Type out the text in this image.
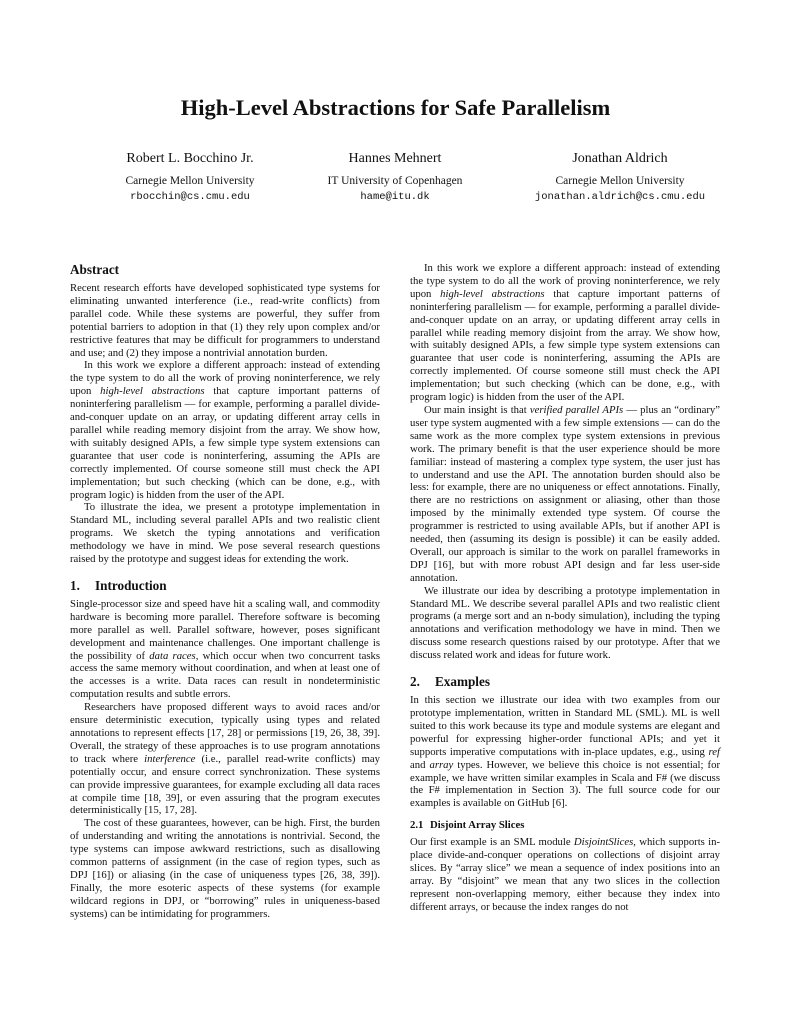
High-Level Abstractions for Safe Parallelism
Robert L. Bocchino Jr.
Carnegie Mellon University
rbocchin@cs.cmu.edu
Hannes Mehnert
IT University of Copenhagen
hame@itu.dk
Jonathan Aldrich
Carnegie Mellon University
jonathan.aldrich@cs.cmu.edu
Abstract

Recent research efforts have developed sophisticated type systems for eliminating unwanted interference (i.e., read-write conflicts) from parallel code. While these systems are powerful, they suffer from potential barriers to adoption in that (1) they rely upon complex and/or restrictive features that may be difficult for programmers to understand and use; and (2) they impose a nontrivial annotation burden.

In this work we explore a different approach: instead of extending the type system to do all the work of proving noninterference, we rely upon high-level abstractions that capture important patterns of noninterfering parallelism — for example, performing a parallel divide-and-conquer update on an array, or updating different array cells in parallel while reading memory disjoint from the array. We show how, with suitably designed APIs, a few simple type system extensions can guarantee that user code is noninterfering, assuming the APIs are correctly implemented. Of course someone still must check the API implementation; but such checking (which can be done, e.g., with program logic) is hidden from the user of the API.

To illustrate the idea, we present a prototype implementation in Standard ML, including several parallel APIs and two realistic client programs. We sketch the typing annotations and verification methodology we have in mind. We pose several research questions raised by the prototype and suggest ideas for extending the work.

1. Introduction

Single-processor size and speed have hit a scaling wall, and commodity hardware is becoming more parallel. Therefore software is becoming more parallel as well. Parallel software, however, poses significant development and maintenance challenges. One important challenge is the possibility of data races, which occur when two concurrent tasks access the same memory without coordination, and when at least one of the accesses is a write. Data races can result in nondeterministic computation results and subtle errors.

Researchers have proposed different ways to avoid races and/or ensure deterministic execution, typically using types and related annotations to represent effects [17, 28] or permissions [19, 26, 38, 39]. Overall, the strategy of these approaches is to use program annotations to track where interference (i.e., parallel read-write conflicts) may potentially occur, and ensure correct synchronization. These systems can provide impressive guarantees, for example excluding all data races at compile time [18, 39], or even assuring that the program executes deterministically [15, 17, 28].

The cost of these guarantees, however, can be high. First, the burden of understanding and writing the annotations is nontrivial. Second, the type systems can impose awkward restrictions, such as disallowing common patterns of assignment (in the case of region types, such as DPJ [16]) or aliasing (in the case of uniqueness types [26, 38, 39]). Finally, the more esoteric aspects of these systems (for example wildcard regions in DPJ, or “borrowing” rules in uniqueness-based systems) can be intimidating for programmers.

In this work we explore a different approach: instead of extending the type system to do all the work of proving noninterference, we rely upon high-level abstractions that capture important patterns of noninterfering parallelism — for example, performing a parallel divide-and-conquer update on an array, or updating different array cells in parallel while reading memory disjoint from the array. We show how, with suitably designed APIs, a few simple type system extensions can guarantee that user code is noninterfering, assuming the APIs are correctly implemented. Of course someone still must check the API implementation; but such checking (which can be done, e.g., with program logic) is hidden from the user of the API.

Our main insight is that verified parallel APIs — plus an “ordinary” user type system augmented with a few simple extensions — can do the same work as the more complex type system extensions in previous work. The primary benefit is that the user experience should be more familiar: instead of mastering a complex type system, the user just has to understand and use the API. The annotation burden should also be less: for example, there are no uniqueness or effect annotations. Finally, there are no restrictions on assignment or aliasing, other than those imposed by the minimally extended type system. Of course the programmer is restricted to using available APIs, but if another API is needed, then (assuming its design is possible) it can be easily added. Overall, our approach is similar to the work on parallel frameworks in DPJ [16], but with more robust API design and far less user-side annotation.

We illustrate our idea by describing a prototype implementation in Standard ML. We describe several parallel APIs and two realistic client programs (a merge sort and an n-body simulation), including the typing annotations and verification methodology we have in mind. Then we discuss some research questions raised by our prototype. After that we discuss related work and ideas for future work.

2. Examples

In this section we illustrate our idea with two examples from our prototype implementation, written in Standard ML (SML). ML is well suited to this work because its type and module systems are elegant and powerful for expressing higher-order functional APIs; and yet it supports imperative computations with in-place updates, e.g., using ref and array types. However, we believe this choice is not essential; for example, we have written similar examples in Scala and F# (we discuss the F# implementation in Section 3). The full source code for our examples is available on GitHub [6].

2.1 Disjoint Array Slices

Our first example is an SML module DisjointSlices, which supports in-place divide-and-conquer operations on collections of disjoint array slices. By “array slice” we mean a sequence of index positions into an array. By “disjoint” we mean that any two slices in the collection represent non-overlapping memory, either because they index into different arrays, or because the index ranges do not
